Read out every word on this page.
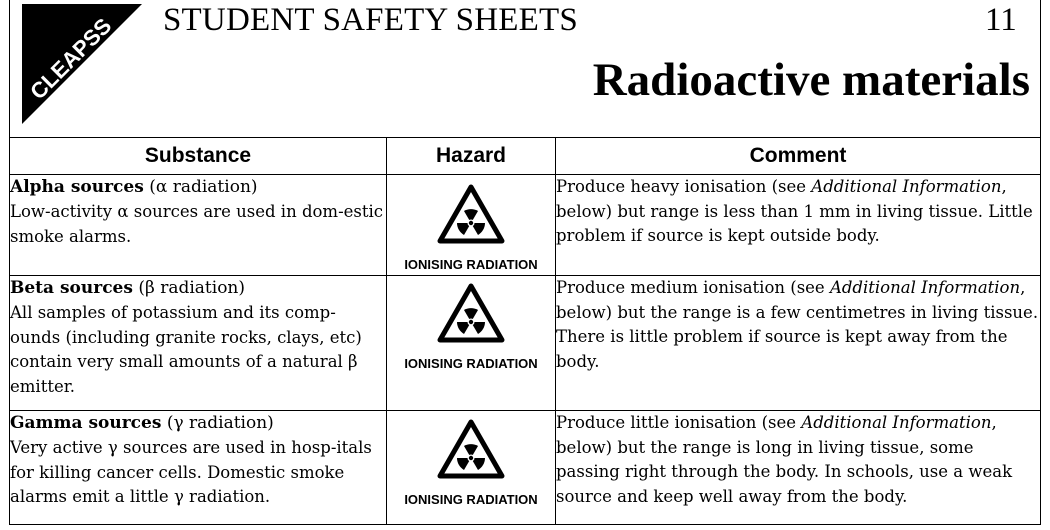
CLEAPSS STUDENT SAFETY SHEETS	11
Radioactive materials
Substance	Hazard	Comment
Alpha sources (α radiation)
Low-activity α sources are used in dom-estic smoke alarms.	IONISING RADIATION	Produce heavy ionisation (see Additional Information, below) but range is less than 1 mm in living tissue. Little problem if source is kept outside body.
Beta sources (β radiation)
All samples of potassium and its comp-ounds (including granite rocks, clays, etc) contain very small amounts of a natural β emitter.	IONISING RADIATION	Produce medium ionisation (see Additional Information, below) but the range is a few centimetres in living tissue. There is little problem if source is kept away from the body.
Gamma sources (γ radiation)
Very active γ sources are used in hosp-itals for killing cancer cells. Domestic smoke alarms emit a little γ radiation.	IONISING RADIATION	Produce little ionisation (see Additional Information, below) but the range is long in living tissue, some passing right through the body. In schools, use a weak source and keep well away from the body.
